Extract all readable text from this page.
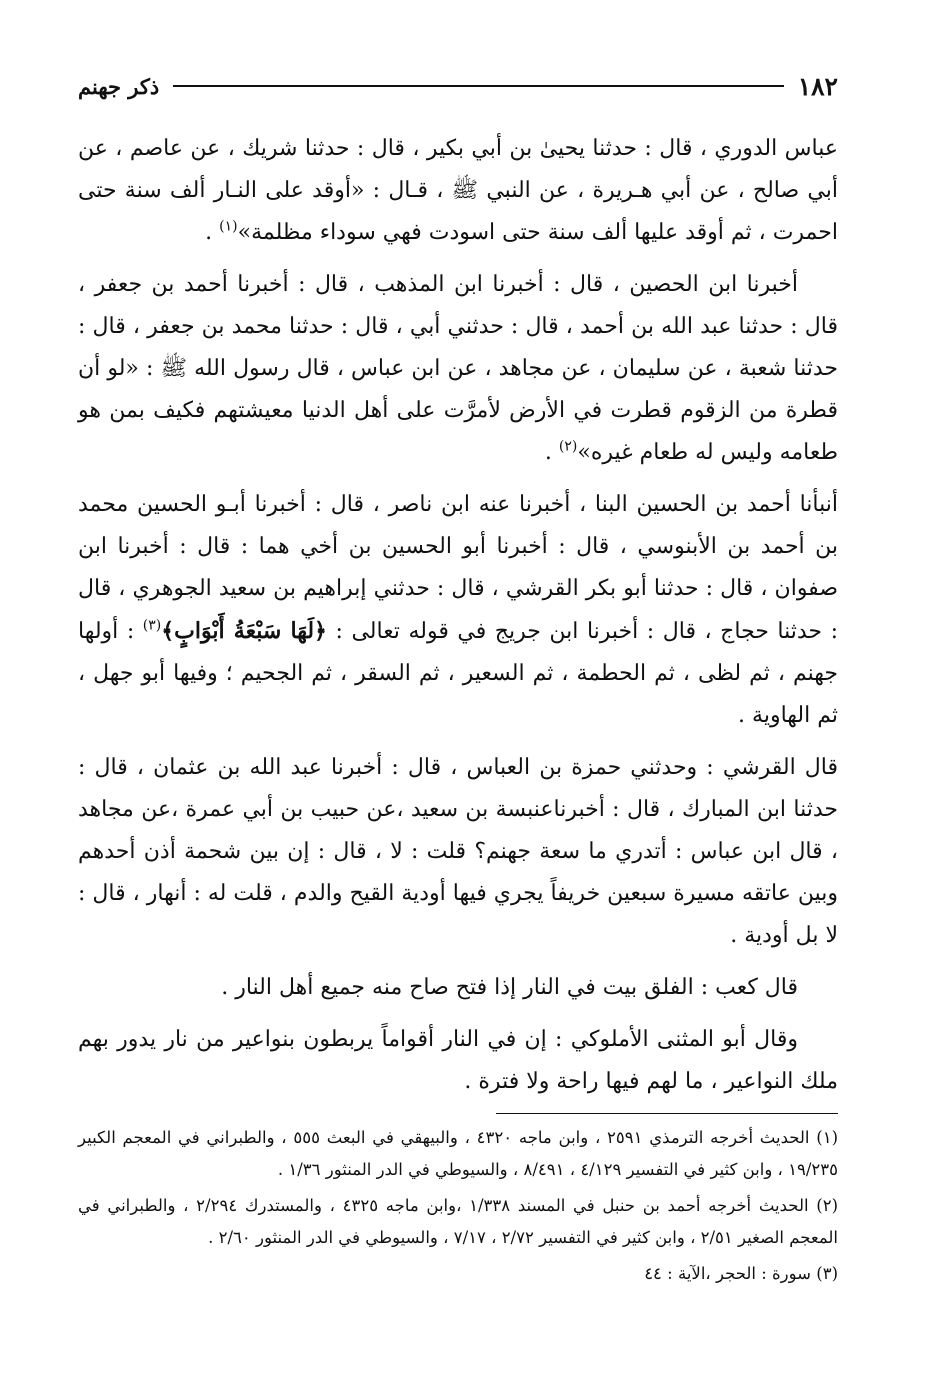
١٨٢
ذكر جهنم

عباس الدوري ، قال : حدثنا يحيىٰ بن أبي بكير ، قال : حدثنا شريك ، عن عاصم ، عن أبي صالح ، عن أبي هـريرة ، عن النبي ﷺ ، قـال : «أوقد على النـار ألف سنة حتى احمرت ، ثم أوقد عليها ألف سنة حتى اسودت فهي سوداء مظلمة»$^{(١)}$ .

أخبرنا ابن الحصين ، قال : أخبرنا ابن المذهب ، قال : أخبرنا أحمد بن جعفر ، قال : حدثنا عبد الله بن أحمد ، قال : حدثني أبي ، قال : حدثنا محمد بن جعفر ، قال : حدثنا شعبة ، عن سليمان ، عن مجاهد ، عن ابن عباس ، قال رسول الله ﷺ : «لو أن قطرة من الزقوم قطرت في الأرض لأمرَّت على أهل الدنيا معيشتهم فكيف بمن هو طعامه وليس له طعام غيره»$^{(٢)}$ .

أنبأنا أحمد بن الحسين البنا ، أخبرنا عنه ابن ناصر ، قال : أخبرنا أبـو الحسين محمد بن أحمد بن الأبنوسي ، قال : أخبرنا أبو الحسين بن أخي هما : قال : أخبرنا ابن صفوان ، قال : حدثنا أبو بكر القرشي ، قال : حدثني إبراهيم بن سعيد الجوهري ، قال : حدثنا حجاج ، قال : أخبرنا ابن جريج في قوله تعالى : ﴿لَهَا سَبْعَةُ أَبْوَابٍ﴾$^{(٣)}$ : أولها جهنم ، ثم لظى ، ثم الحطمة ، ثم السعير ، ثم السقر ، ثم الجحيم ؛ وفيها أبو جهل ، ثم الهاوية .

قال القرشي : وحدثني حمزة بن العباس ، قال : أخبرنا عبد الله بن عثمان ، قال : حدثنا ابن المبارك ، قال : أخبرناعنبسة بن سعيد ،عن حبيب بن أبي عمرة ،عن مجاهد ، قال ابن عباس : أتدري ما سعة جهنم؟ قلت : لا ، قال : إن بين شحمة أذن أحدهم وبين عاتقه مسيرة سبعين خريفاً يجري فيها أودية القيح والدم ، قلت له : أنهار ، قال : لا بل أودية .

قال كعب : الفلق بيت في النار إذا فتح صاح منه جميع أهل النار .

وقال أبو المثنى الأملوكي : إن في النار أقواماً يربطون بنواعير من نار يدور بهم ملك النواعير ، ما لهم فيها راحة ولا فترة .

(١) الحديث أخرجه الترمذي ٢٥٩١ ، وابن ماجه ٤٣٢٠ ، والبيهقي في البعث ٥٥٥ ، والطبراني في المعجم الكبير ١٩/٢٣٥ ، وابن كثير في التفسير ٤/١٢٩ ، ٨/٤٩١ ، والسيوطي في الدر المنثور ١/٣٦ .

(٢) الحديث أخرجه أحمد بن حنبل في المسند ١/٣٣٨ ،وابن ماجه ٤٣٢٥ ، والمستدرك ٢/٢٩٤ ، والطبراني في المعجم الصغير ٢/٥١ ، وابن كثير في التفسير ٢/٧٢ ، ٧/١٧ ، والسيوطي في الدر المنثور ٢/٦٠ .

(٣) سورة : الحجر ،الآية : ٤٤
